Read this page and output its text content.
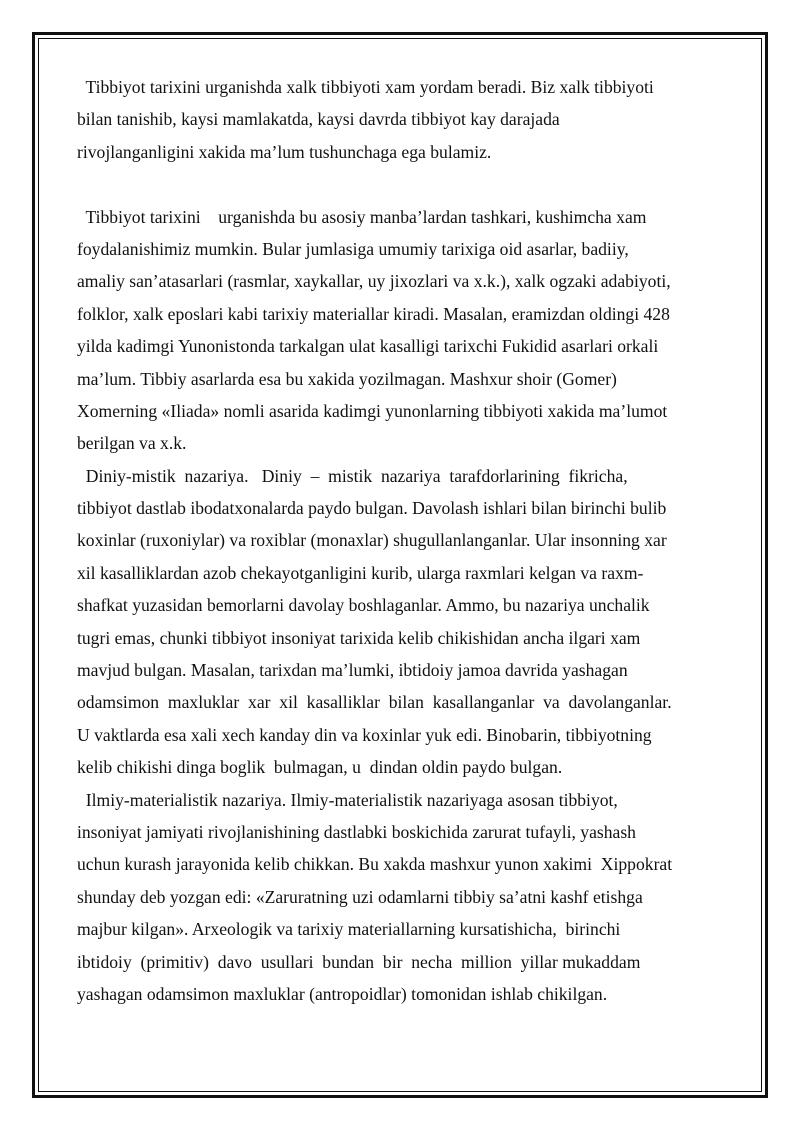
Tibbiyot tarixini urganishda xalk tibbiyoti xam yordam beradi. Biz xalk tibbiyoti
bilan tanishib, kaysi mamlakatda, kaysi davrda tibbiyot kay darajada
rivojlanganligini xakida ma’lum tushunchaga ega bulamiz.
Tibbiyot tarixini    urganishda bu asosiy manba’lardan tashkari, kushimcha xam
foydalanishimiz mumkin. Bular jumlasiga umumiy tarixiga oid asarlar, badiiy,
amaliy san’atasarlari (rasmlar, xaykallar, uy jixozlari va x.k.), xalk ogzaki adabiyoti,
folklor, xalk eposlari kabi tarixiy materiallar kiradi. Masalan, eramizdan oldingi 428
yilda kadimgi Yunonistonda tarkalgan ulat kasalligi tarixchi Fukidid asarlari orkali
ma’lum. Tibbiy asarlarda esa bu xakida yozilmagan. Mashxur shoir (Gomer)
Xomerning «Iliada» nomli asarida kadimgi yunonlarning tibbiyoti xakida ma’lumot
berilgan va x.k.
Diniy-mistik  nazariya.   Diniy  –  mistik  nazariya  tarafdorlarining  fikricha,
tibbiyot dastlab ibodatxonalarda paydo bulgan. Davolash ishlari bilan birinchi bulib
koxinlar (ruxoniylar) va roxiblar (monaxlar) shugullanlanganlar. Ular insonning xar
xil kasalliklardan azob chekayotganligini kurib, ularga raxmlari kelgan va raxm-
shafkat yuzasidan bemorlarni davolay boshlaganlar. Ammo, bu nazariya unchalik
tugri emas, chunki tibbiyot insoniyat tarixida kelib chikishidan ancha ilgari xam
mavjud bulgan. Masalan, tarixdan ma’lumki, ibtidoiy jamoa davrida yashagan
odamsimon  maxluklar  xar  xil  kasalliklar  bilan  kasallanganlar  va  davolanganlar.
U vaktlarda esa xali xech kanday din va koxinlar yuk edi. Binobarin, tibbiyotning
kelib chikishi dinga boglik  bulmagan, u  dindan oldin paydo bulgan.
Ilmiy-materialistik nazariya. Ilmiy-materialistik nazariyaga asosan tibbiyot,
insoniyat jamiyati rivojlanishining dastlabki boskichida zarurat tufayli, yashash
uchun kurash jarayonida kelib chikkan. Bu xakda mashxur yunon xakimi  Xippokrat
shunday deb yozgan edi: «Zaruratning uzi odamlarni tibbiy sa’atni kashf etishga
majbur kilgan». Arxeologik va tarixiy materiallarning kursatishicha,  birinchi
ibtidoiy  (primitiv)  davo  usullari  bundan  bir  necha  million  yillar mukaddam
yashagan odamsimon maxluklar (antropoidlar) tomonidan ishlab chikilgan.
